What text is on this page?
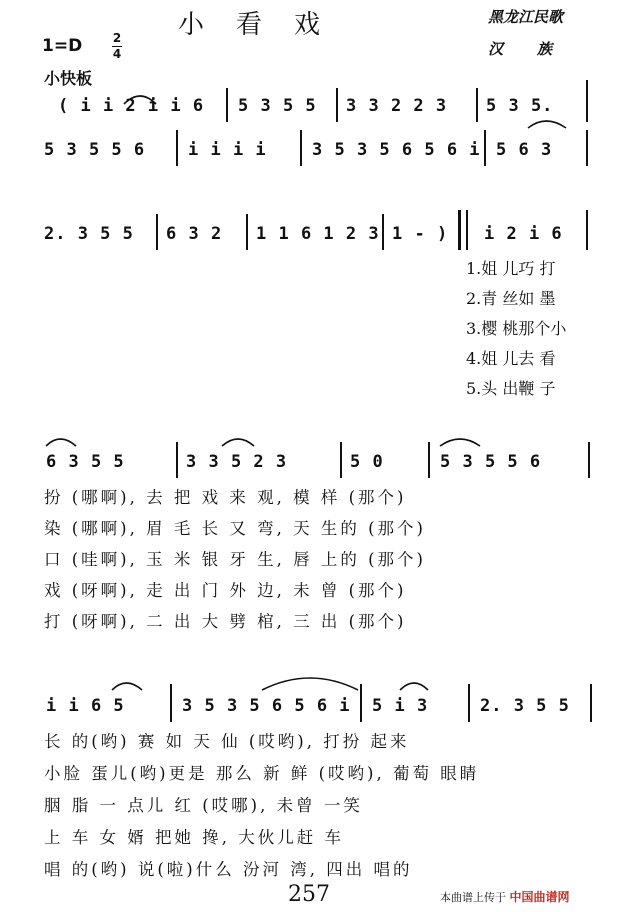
小看戏	黑龙江民歌
汉族
1=D	2
4
小快板
( i i 2 i i 6 5 3 5 5 3 3 2 2 3 5 3 5.
5 3 5 5 6	i i i i	3 5 3 5 6 5 6 i 5 6 3
2. 3 5 5 6 3 2 1 1 6 1 2 3 1 - ) i 2 i 6
1.姐 儿巧 打
2.青 丝如 墨
3.樱 桃那个小
4.姐 儿去 看
5.头 出鞭 子
6 3 5 5	3 3 5 2 3	5 0	5 3 5 5 6
扮 (哪啊), 去 把 戏 来 观, 模 样 (那个)
染 (哪啊), 眉 毛 长 又 弯, 天 生的 (那个)
口 (哇啊), 玉 米 银 牙 生, 唇 上的 (那个)
戏 (呀啊), 走 出 门 外 边, 未 曾 (那个)
打 (呀啊), 二 出 大 劈 棺, 三 出 (那个)
i i 6 5	3 5 3 5 6 5 6 i 5 i 3	2. 3 5 5
长 的(哟) 赛 如 天 仙 (哎哟), 打扮 起来
小脸 蛋儿(哟)更是 那么 新 鲜 (哎哟), 葡萄 眼睛
胭 脂 一 点儿 红 (哎哪), 未曾 一笑
上 车 女 婿 把她 搀, 大伙儿赶 车
唱 的(哟) 说(啦)什么 汾河 湾, 四出 唱的
257	本曲谱上传于 中国曲谱网
